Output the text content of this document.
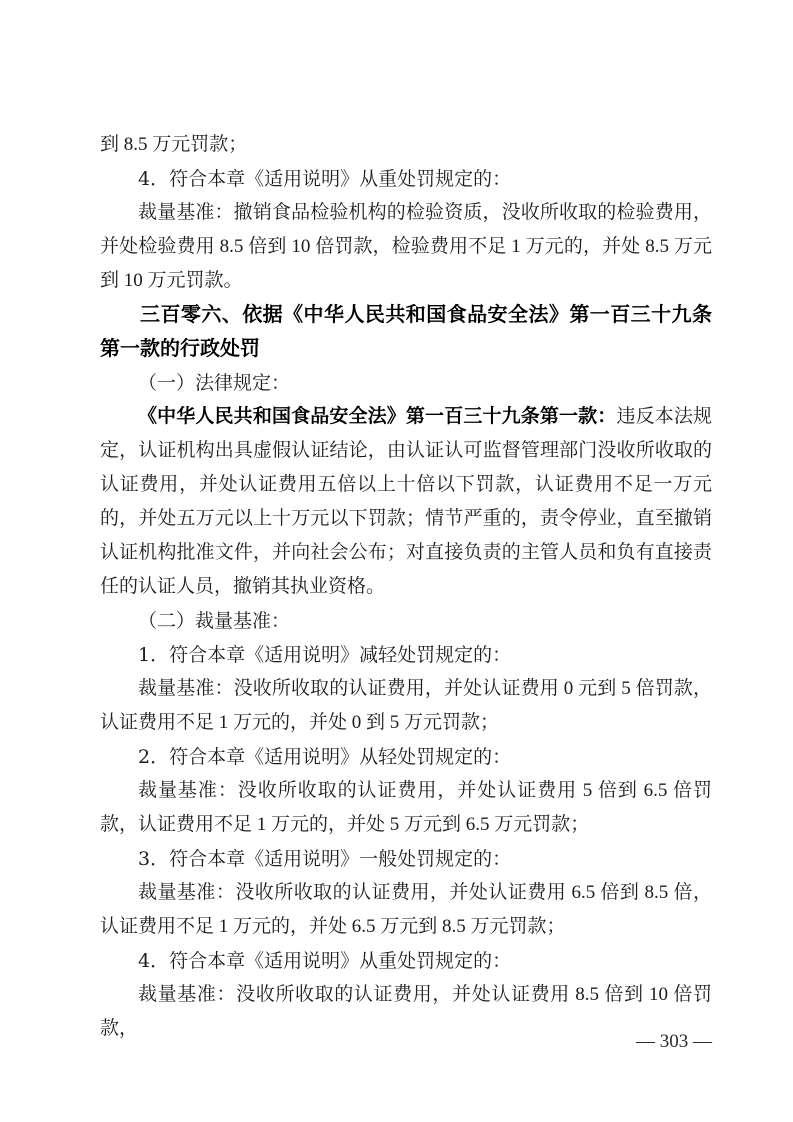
到 8.5 万元罚款；

4．符合本章《适用说明》从重处罚规定的：

裁量基准：撤销食品检验机构的检验资质，没收所收取的检验费用，并处检验费用 8.5 倍到 10 倍罚款，检验费用不足 1 万元的，并处 8.5 万元到 10 万元罚款。

三百零六、依据《中华人民共和国食品安全法》第一百三十九条第一款的行政处罚

（一）法律规定：

《中华人民共和国食品安全法》第一百三十九条第一款：违反本法规定，认证机构出具虚假认证结论，由认证认可监督管理部门没收所收取的认证费用，并处认证费用五倍以上十倍以下罚款，认证费用不足一万元的，并处五万元以上十万元以下罚款；情节严重的，责令停业，直至撤销认证机构批准文件，并向社会公布；对直接负责的主管人员和负有直接责任的认证人员，撤销其执业资格。

（二）裁量基准：

1．符合本章《适用说明》减轻处罚规定的：

裁量基准：没收所收取的认证费用，并处认证费用 0 元到 5 倍罚款，认证费用不足 1 万元的，并处 0 到 5 万元罚款；

2．符合本章《适用说明》从轻处罚规定的：

裁量基准：没收所收取的认证费用，并处认证费用 5 倍到 6.5 倍罚款，认证费用不足 1 万元的，并处 5 万元到 6.5 万元罚款；

3．符合本章《适用说明》一般处罚规定的：

裁量基准：没收所收取的认证费用，并处认证费用 6.5 倍到 8.5 倍，认证费用不足 1 万元的，并处 6.5 万元到 8.5 万元罚款；

4．符合本章《适用说明》从重处罚规定的：

裁量基准：没收所收取的认证费用，并处认证费用 8.5 倍到 10 倍罚款，

— 303 —
